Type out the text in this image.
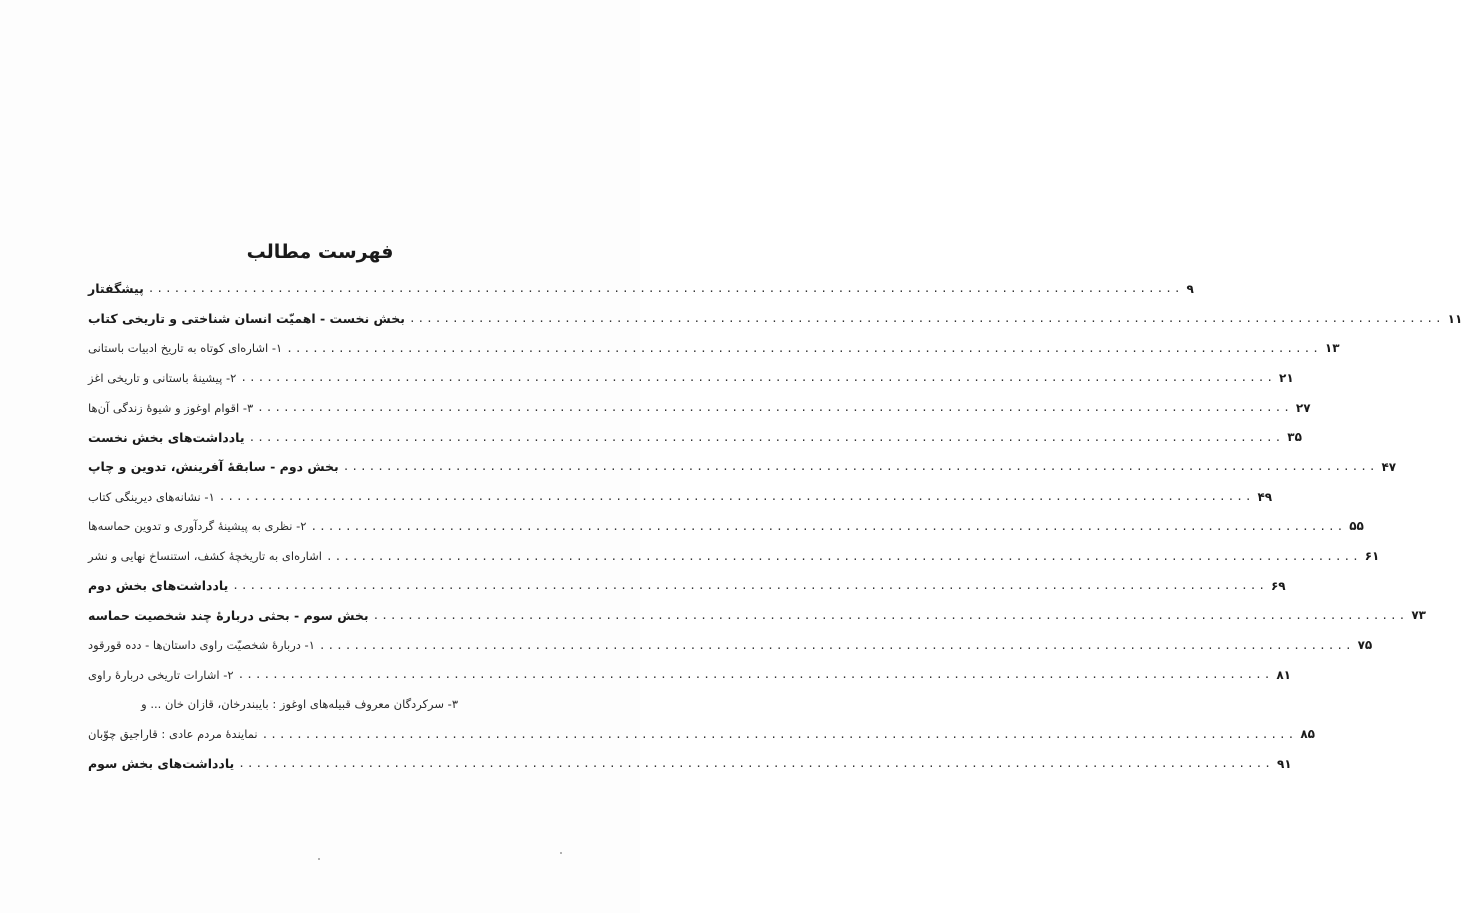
فهرست مطالب
پیشگفتار ........................................................................................................................ ۹
بخش نخست - اهمیّت انسان شناختی و تاریخی کتاب ........................................................................................................................ ۱۱
۱- اشاره‌ای کوتاه به تاریخ ادبیات باستانی ........................................................................................................................ ۱۳
۲- پیشینهٔ باستانی و تاریخی اغز ........................................................................................................................ ۲۱
۳- اقوام اوغوز و شیوهٔ زندگی آن‌ها ........................................................................................................................ ۲۷
یادداشت‌های بخش نخست ........................................................................................................................ ۳۵
بخش دوم - سابقهٔ آفرینش، تدوین و چاپ ........................................................................................................................ ۴۷
۱- نشانه‌های دیرینگی کتاب ........................................................................................................................ ۴۹
۲- نظری به پیشینهٔ گردآوری و تدوین حماسه‌ها ........................................................................................................................ ۵۵
اشاره‌ای به تاریخچهٔ کشف، استنساخ نهایی و نشر ........................................................................................................................ ۶۱
یادداشت‌های بخش دوم ........................................................................................................................ ۶۹
بخش سوم - بحثی دربارهٔ چند شخصیت حماسه ........................................................................................................................ ۷۳
۱- دربارهٔ شخصیّت راوی داستان‌ها - دده قورقود ........................................................................................................................ ۷۵
۲- اشارات تاریخی دربارهٔ راوی ........................................................................................................................ ۸۱
۳- سرکردگان معروف قبیله‌های اوغوز : بایبندرخان، قازان خان ... و
نمایندهٔ مردم عادی : قاراجیق چوّبان ........................................................................................................................ ۸۵
یادداشت‌های بخش سوم ........................................................................................................................ ۹۱
